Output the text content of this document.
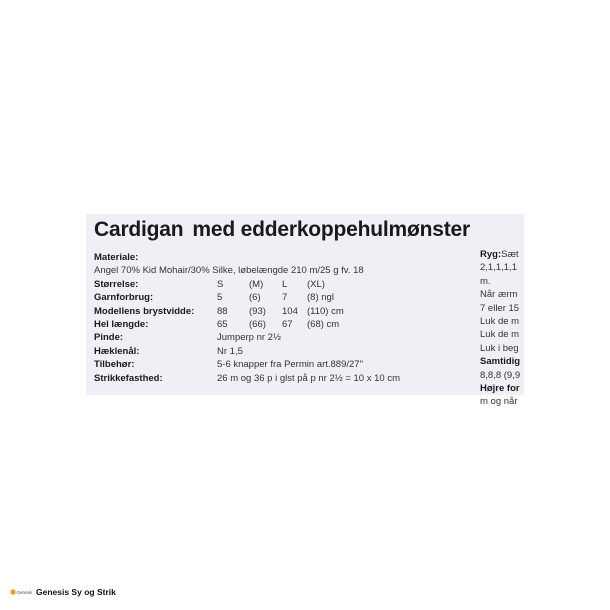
Cardigan med edderkoppehulmønster
Materiale:
Angel 70% Kid Mohair/30% Silke, løbelængde 210 m/25 g fv. 18
Størrelse:	S	(M) L (XL)
Garnforbrug:	5	(6) 7 (8) ngl
Modellens brystvidde: 88 (93) 104 (110) cm
Hel længde:	65 (66) 67 (68) cm
Pinde:	Jumperp nr 2½
Hæklenål:	Nr 1,5
Tilbehør:	5-6 knapper fra Permin art.889/27"
Strikkefasthed:	26 m og 36 p i glst på p nr 2½ = 10 x 10 cm
Ryg:Sæt
2,1,1,1,1
m.
Når ærm
7 eller 15
Luk de m
Luk de m
Luk i beg
Samtidig
8,8,8 (9,9
Højre for
m og når
Genesis Genesis Sy og Strik
